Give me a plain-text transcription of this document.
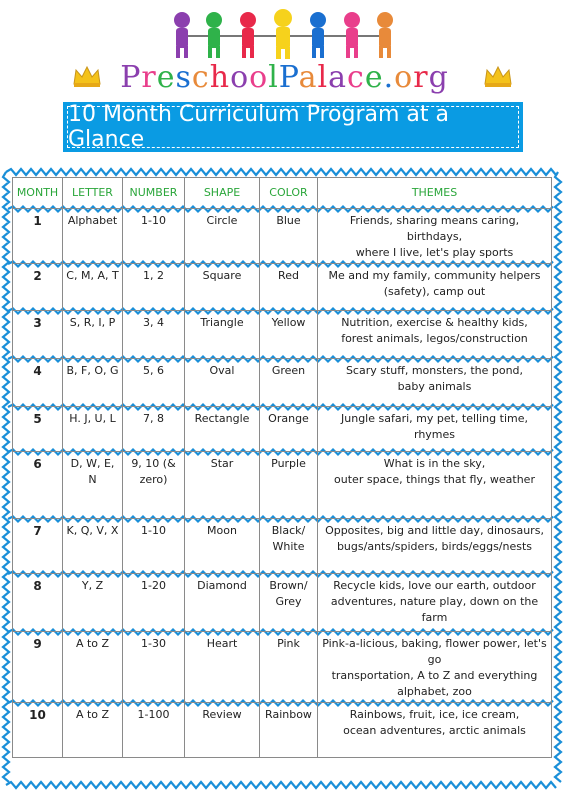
PreschoolPalace.org
10 Month Curriculum Program at a Glance
MONTH	LETTER	NUMBER	SHAPE	COLOR	THEMES
1	Alphabet	1-10	Circle	Blue	Friends, sharing means caring, birthdays,
where I live, let's play sports

2	C, M, A, T	1, 2	Square	Red	Me and my family, community helpers
(safety), camp out

3	S, R, I, P	3, 4	Triangle	Yellow	Nutrition, exercise & healthy kids,
forest animals, legos/construction

4	B, F, O, G	5, 6	Oval	Green	Scary stuff, monsters, the pond,
baby animals

5	H. J, U, L	7, 8	Rectangle	Orange	Jungle safari, my pet, telling time, rhymes

6	D, W, E, N	9, 10 (& zero)	Star	Purple	What is in the sky,
outer space, things that fly, weather

7	K, Q, V, X	1-10	Moon	Black/ White	Opposites, big and little day, dinosaurs,
bugs/ants/spiders, birds/eggs/nests

8	Y, Z	1-20	Diamond	Brown/ Grey	Recycle kids, love our earth, outdoor
adventures, nature play, down on the farm

9	A to Z	1-30	Heart	Pink	Pink-a-licious, baking, flower power, let's go
transportation, A to Z and everything
alphabet, zoo

10	A to Z	1-100	Review	Rainbow	Rainbows, fruit, ice, ice cream,
ocean adventures, arctic animals
